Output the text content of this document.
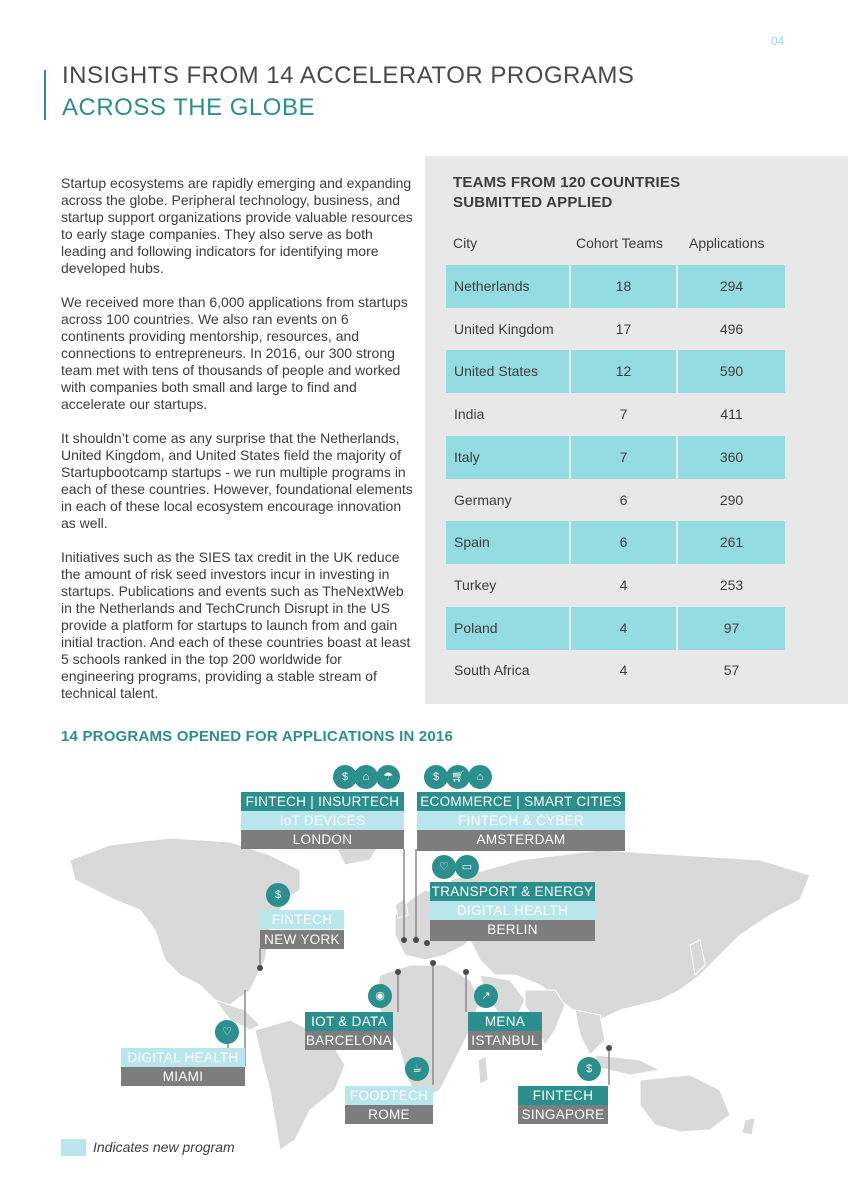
04
INSIGHTS FROM 14 ACCELERATOR PROGRAMS
ACROSS THE GLOBE

Startup ecosystems are rapidly emerging and expanding across the globe. Peripheral technology, business, and startup support organizations provide valuable resources to early stage companies. They also serve as both leading and following indicators for identifying more developed hubs.

We received more than 6,000 applications from startups across 100 countries. We also ran events on 6 continents providing mentorship, resources, and connections to entrepreneurs. In 2016, our 300 strong team met with tens of thousands of people and worked with companies both small and large to find and accelerate our startups.

It shouldn’t come as any surprise that the Netherlands, United Kingdom, and United States field the majority of Startupbootcamp startups - we run multiple programs in each of these countries. However, foundational elements in each of these local ecosystem encourage innovation as well.

Initiatives such as the SIES tax credit in the UK reduce the amount of risk seed investors incur in investing in startups. Publications and events such as TheNextWeb in the Netherlands and TechCrunch Disrupt in the US provide a platform for startups to launch from and gain initial traction. And each of these countries boast at least 5 schools ranked in the top 200 worldwide for engineering programs, providing a stable stream of technical talent.

TEAMS FROM 120 COUNTRIES SUBMITTED APPLIED
City	Cohort Teams Applications
Netherlands	18	294
United Kingdom	17	496
United States	12	590
India	7	411
Italy	7	360
Germany	6	290
Spain	6	261
Turkey	4	253
Poland	4	97
South Africa	4	57
14 PROGRAMS OPENED FOR APPLICATIONS IN 2016
$	⌂	☂	$	🛒︎	⌂
♡	▭
$
◉	↗
♡
☕	$
FINTECH | INSURTECH
IoT DEVICES
LONDON
ECOMMERCE | SMART CITIES
FINTECH & CYBER
AMSTERDAM
TRANSPORT & ENERGY
DIGITAL HEALTH
BERLIN
FINTECH
NEW YORK
IOT & DATA
BARCELONA
MENA
ISTANBUL
DIGITAL HEALTH
MIAMI
FOODTECH
ROME
FINTECH
SINGAPORE
Indicates new program
